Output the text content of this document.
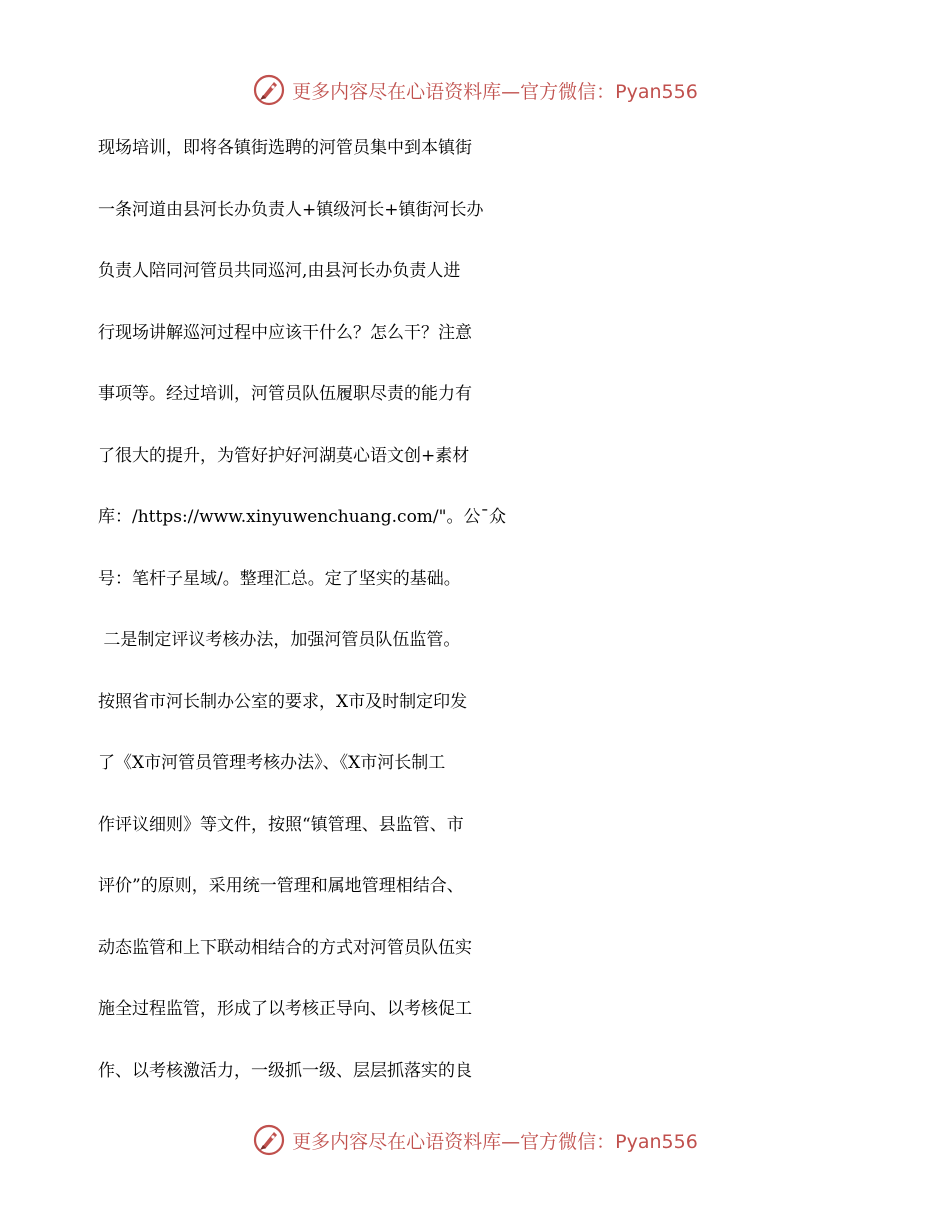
更多内容尽在心语资料库—官方微信：Pyan556
现场培训，即将各镇街选聘的河管员集中到本镇街
一条河道由县河长办负责人+镇级河长+镇街河长办
负责人陪同河管员共同巡河,由县河长办负责人进
行现场讲解巡河过程中应该干什么？怎么干？注意
事项等。经过培训，河管员队伍履职尽责的能力有
了很大的提升，为管好护好河湖莫心语文创+素材
库：/https://www.xinyuwenchuang.com/"。公¯众
号：笔杆子星域/。整理汇总。定了坚实的基础。
二是制定评议考核办法，加强河管员队伍监管。
按照省市河长制办公室的要求，X市及时制定印发
了《X市河管员管理考核办法》、《X市河长制工
作评议细则》等文件，按照“镇管理、县监管、市
评价”的原则，采用统一管理和属地管理相结合、
动态监管和上下联动相结合的方式对河管员队伍实
施全过程监管，形成了以考核正导向、以考核促工
作、以考核激活力，一级抓一级、层层抓落实的良
更多内容尽在心语资料库—官方微信：Pyan556
